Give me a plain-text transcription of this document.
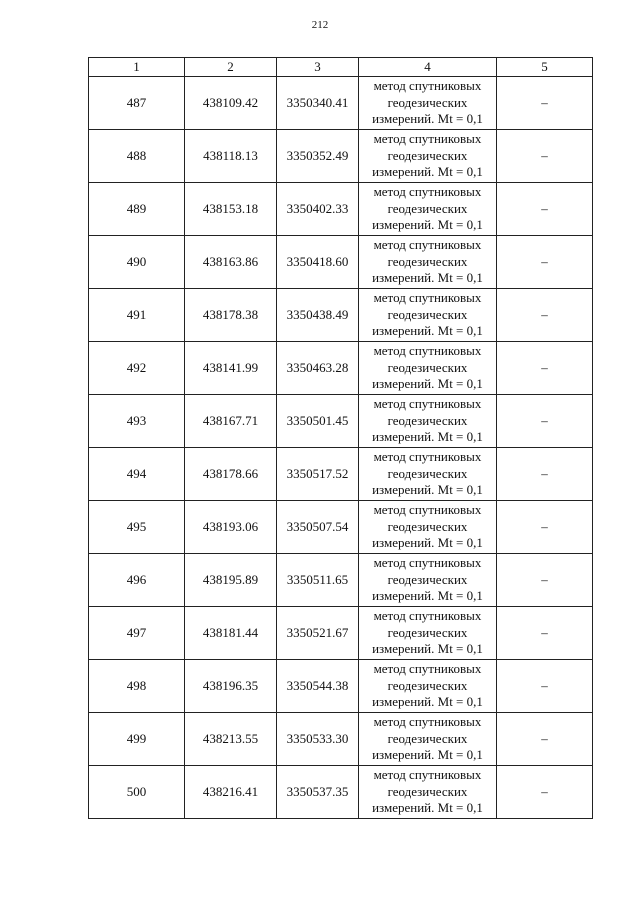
212
1	2	3	4	5
487	438109.42	3350340.41	метод спутниковых
геодезических
измерений. Mt = 0,1	–
488	438118.13	3350352.49	метод спутниковых
геодезических
измерений. Mt = 0,1	–
489	438153.18	3350402.33	метод спутниковых
геодезических
измерений. Mt = 0,1	–
490	438163.86	3350418.60	метод спутниковых
геодезических
измерений. Mt = 0,1	–
491	438178.38	3350438.49	метод спутниковых
геодезических
измерений. Mt = 0,1	–
492	438141.99	3350463.28	метод спутниковых
геодезических
измерений. Mt = 0,1	–
493	438167.71	3350501.45	метод спутниковых
геодезических
измерений. Mt = 0,1	–
494	438178.66	3350517.52	метод спутниковых
геодезических
измерений. Mt = 0,1	–
495	438193.06	3350507.54	метод спутниковых
геодезических
измерений. Mt = 0,1	–
496	438195.89	3350511.65	метод спутниковых
геодезических
измерений. Mt = 0,1	–
497	438181.44	3350521.67	метод спутниковых
геодезических
измерений. Mt = 0,1	–
498	438196.35	3350544.38	метод спутниковых
геодезических
измерений. Mt = 0,1	–
499	438213.55	3350533.30	метод спутниковых
геодезических
измерений. Mt = 0,1	–
500	438216.41	3350537.35	метод спутниковых
геодезических
измерений. Mt = 0,1	–
